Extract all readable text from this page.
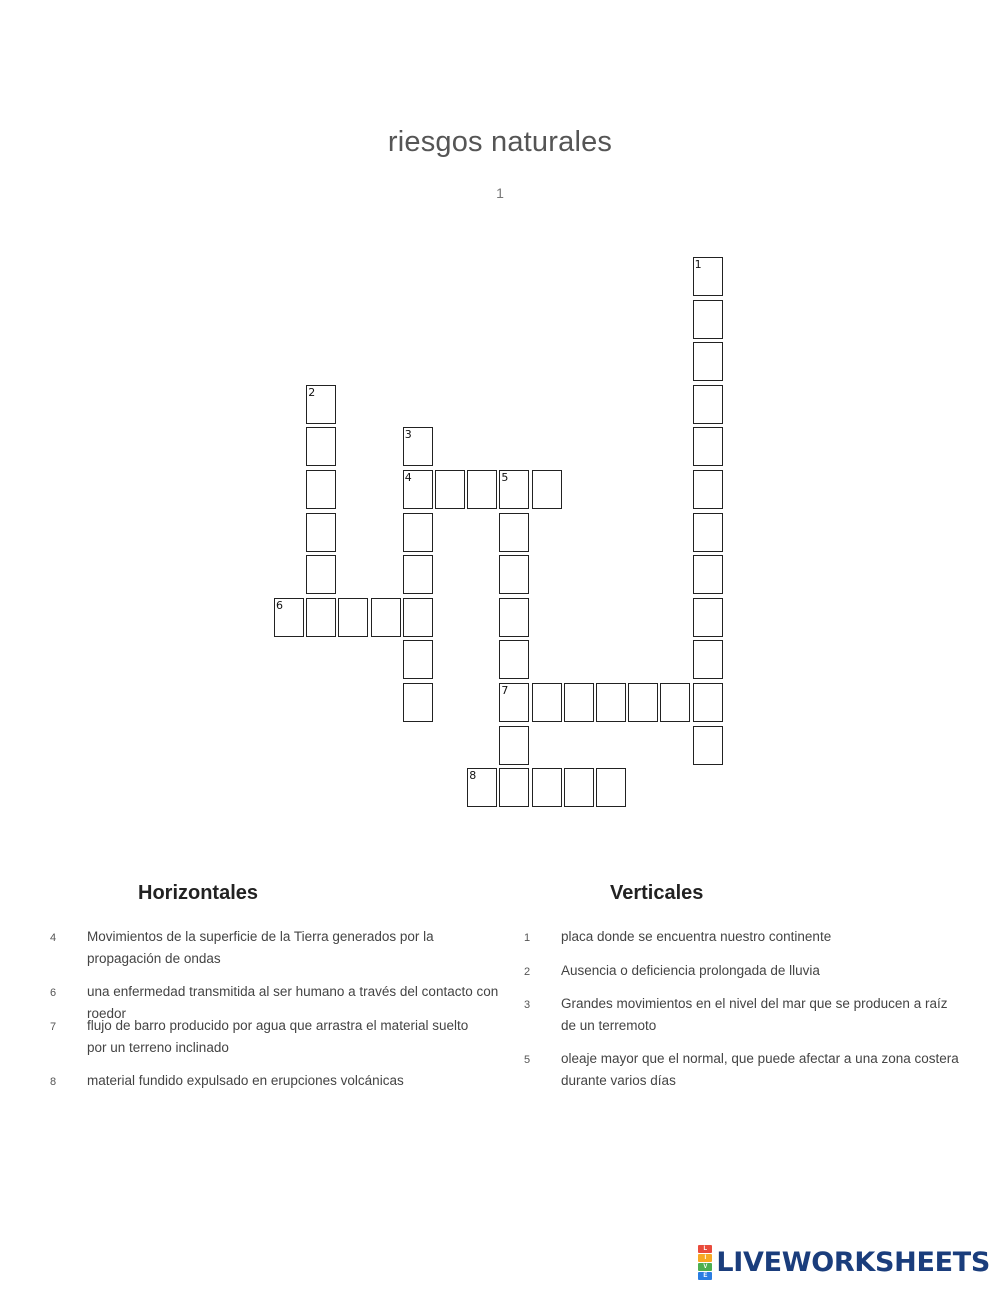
riesgos naturales
1
1
2
3
4	5
7
6
8
Horizontales	Verticales
4 Movimientos de la superficie de la Tierra generados por la propagación de ondas
6 una enfermedad transmitida al ser humano a través del contacto con roedor
7 flujo de barro producido por agua que arrastra el material suelto por un terreno inclinado
8 material fundido expulsado en erupciones volcánicas
1 placa donde se encuentra nuestro continente
2 Ausencia o deficiencia prolongada de lluvia
3 Grandes movimientos en el nivel del mar que se producen a raíz de un terremoto
5 oleaje mayor que el normal, que puede afectar a una zona costera durante varios días
L
I
V
E LIVEWORKSHEETS
